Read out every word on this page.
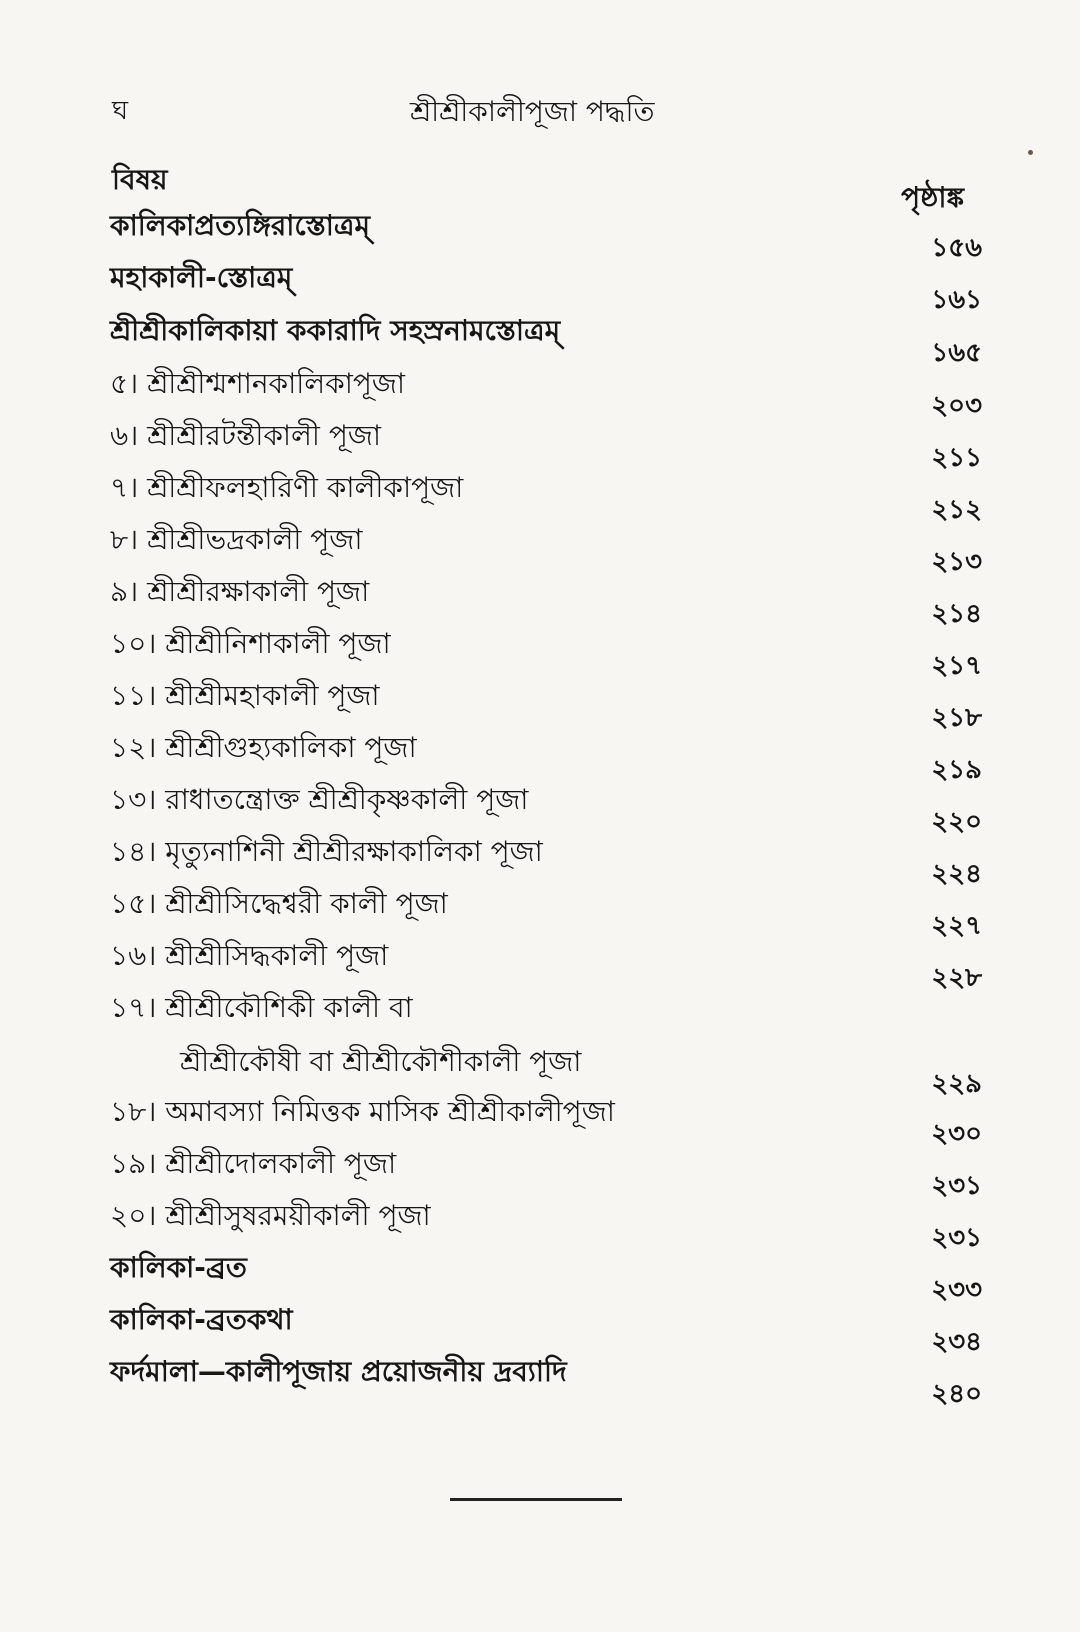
ঘ	শ্রীশ্রীকালীপূজা পদ্ধতি
বিষয়
পৃষ্ঠাঙ্ক
কালিকাপ্রত্যঙ্গিরাস্তোত্রম্
১৫৬
মহাকালী-স্তোত্রম্
১৬১
শ্রীশ্রীকালিকায়া ককারাদি সহস্রনামস্তোত্রম্
১৬৫
৫। শ্রীশ্রীশ্মশানকালিকাপূজা
২০৩
৬। শ্রীশ্রীরটন্তীকালী পূজা
২১১
৭। শ্রীশ্রীফলহারিণী কালীকাপূজা
২১২
৮। শ্রীশ্রীভদ্রকালী পূজা
২১৩
৯। শ্রীশ্রীরক্ষাকালী পূজা
২১৪
১০। শ্রীশ্রীনিশাকালী পূজা
২১৭
১১। শ্রীশ্রীমহাকালী পূজা
২১৮
১২। শ্রীশ্রীগুহ্যকালিকা পূজা
২১৯
১৩। রাধাতন্ত্রোক্ত শ্রীশ্রীকৃষ্ণকালী পূজা
২২০
১৪। মৃত্যুনাশিনী শ্রীশ্রীরক্ষাকালিকা পূজা
২২৪
১৫। শ্রীশ্রীসিদ্ধেশ্বরী কালী পূজা
২২৭
১৬। শ্রীশ্রীসিদ্ধকালী পূজা
২২৮
১৭। শ্রীশ্রীকৌশিকী কালী বা
শ্রীশ্রীকৌষী বা শ্রীশ্রীকৌশীকালী পূজা
২২৯
১৮। অমাবস্যা নিমিত্তক মাসিক শ্রীশ্রীকালীপূজা
২৩০
১৯। শ্রীশ্রীদোলকালী পূজা
২৩১
২০। শ্রীশ্রীসুষরময়ীকালী পূজা
২৩১
কালিকা-ব্রত
২৩৩
কালিকা-ব্রতকথা
২৩৪
ফর্দমালা—কালীপূজায় প্রয়োজনীয় দ্রব্যাদি
২৪০
